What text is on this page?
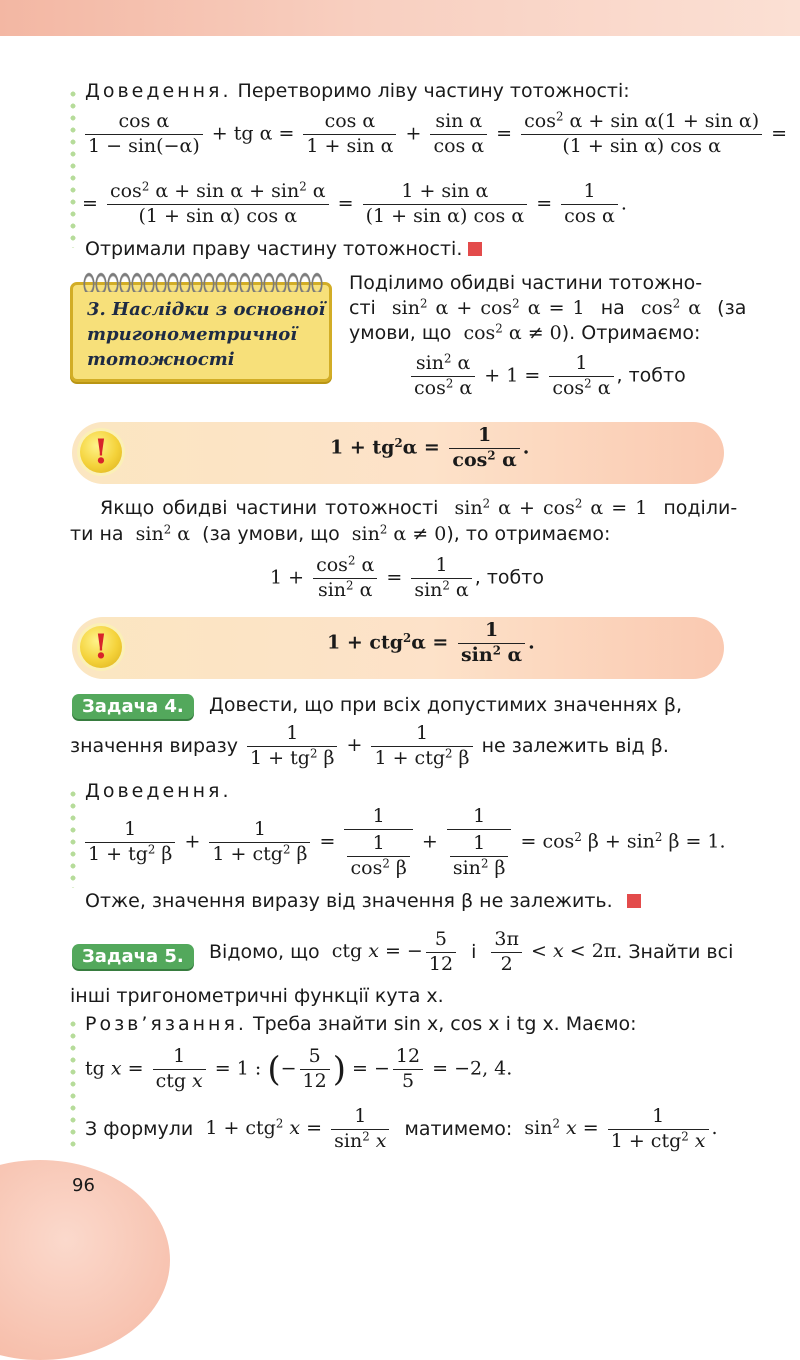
Доведення. Перетворимо ліву частину тотожності:
$\frac{\text{cos α}}{1 - \sin(-\alpha)}$ + tg $\alpha = \frac{\text{cos α}}{\text{1 + sin α}} + \frac{\text{sin α}}{\text{cos α}} = \frac{\cos^2 \alpha + \sin \alpha(1 + \sin \alpha)}{\text{(1 + sin α) cos α}}$ =
= $\frac{\cos^2 \alpha + \sin \alpha + \sin^2 \alpha}{\text{(1 + sin α) cos α}} = \frac{\text{1 + sin α}}{\text{(1 + sin α) cos α}} = \frac{1}{\text{cos α}}$ .
Отримали праву частину тотожності.
3. Наслідки з основної
тригонометричної
тотожності
Поділимо обидві частини тотожно-
сті  $\sin^2 \alpha + \cos^2 \alpha = 1$  на  $\cos^2 \alpha$  (за
умови, що  $\cos^2 \alpha \ne 0$). Отримаємо:
$\frac{\sin^2 \alpha}{\cos^2 \alpha} + 1 = \frac{1}{\cos^2 \alpha}$ , тобто
!	$1 + tg^2\alpha = \frac{1}{\cos^2 \alpha}$ .
Якщо обидві частини тотожності  $\sin^2 \alpha + \cos^2 \alpha = 1$  поділи-
ти на  $\sin^2 \alpha$  (за умови, що  $\sin^2 \alpha \ne 0$), то отримаємо:
$1 + \frac{\cos^2 \alpha}{\sin^2 \alpha} = \frac{1}{\sin^2 \alpha}$ , тобто
!	$1 + ctg^2\alpha = \frac{1}{\sin^2 \alpha}$ .
Задача 4.	Довести, що при всіх допустимих значеннях β,
значення виразу $\frac{1}{1 + tg^2 \beta} + \frac{1}{1 + ctg^2 \beta}$ не залежить від β.
Доведення.
$\frac{1}{1 + tg^2 \beta} + \frac{1}{1 + ctg^2 \beta} = \frac{1}{\frac{1}{\cos^2 \beta}} + \frac{1}{\frac{1}{\sin^2 \beta}} = \cos^2 \beta + \sin^2 \beta = 1$.
Отже, значення виразу від значення β не залежить.
Задача 5.	Відомо, що  ctg x = − $\frac{5}{12}$ і $\frac{3\pi}{2} < x < 2\pi$. Знайти всі
інші тригонометричні функції кута x.
Розв’язання. Треба знайти sin x, cos x і tg x. Маємо:
tg $x = \frac{1}{\text{ctg x}} = 1$ : (− $\frac{5}{12}$ ) = − $\frac{12}{5} = -2$, 4.
З формули  1 + ctg$^2$ $x = \frac{1}{\sin^2 x}$ матимемо:  $\sin^2 x = \frac{1}{1 + ctg^2 x}$ .
96
